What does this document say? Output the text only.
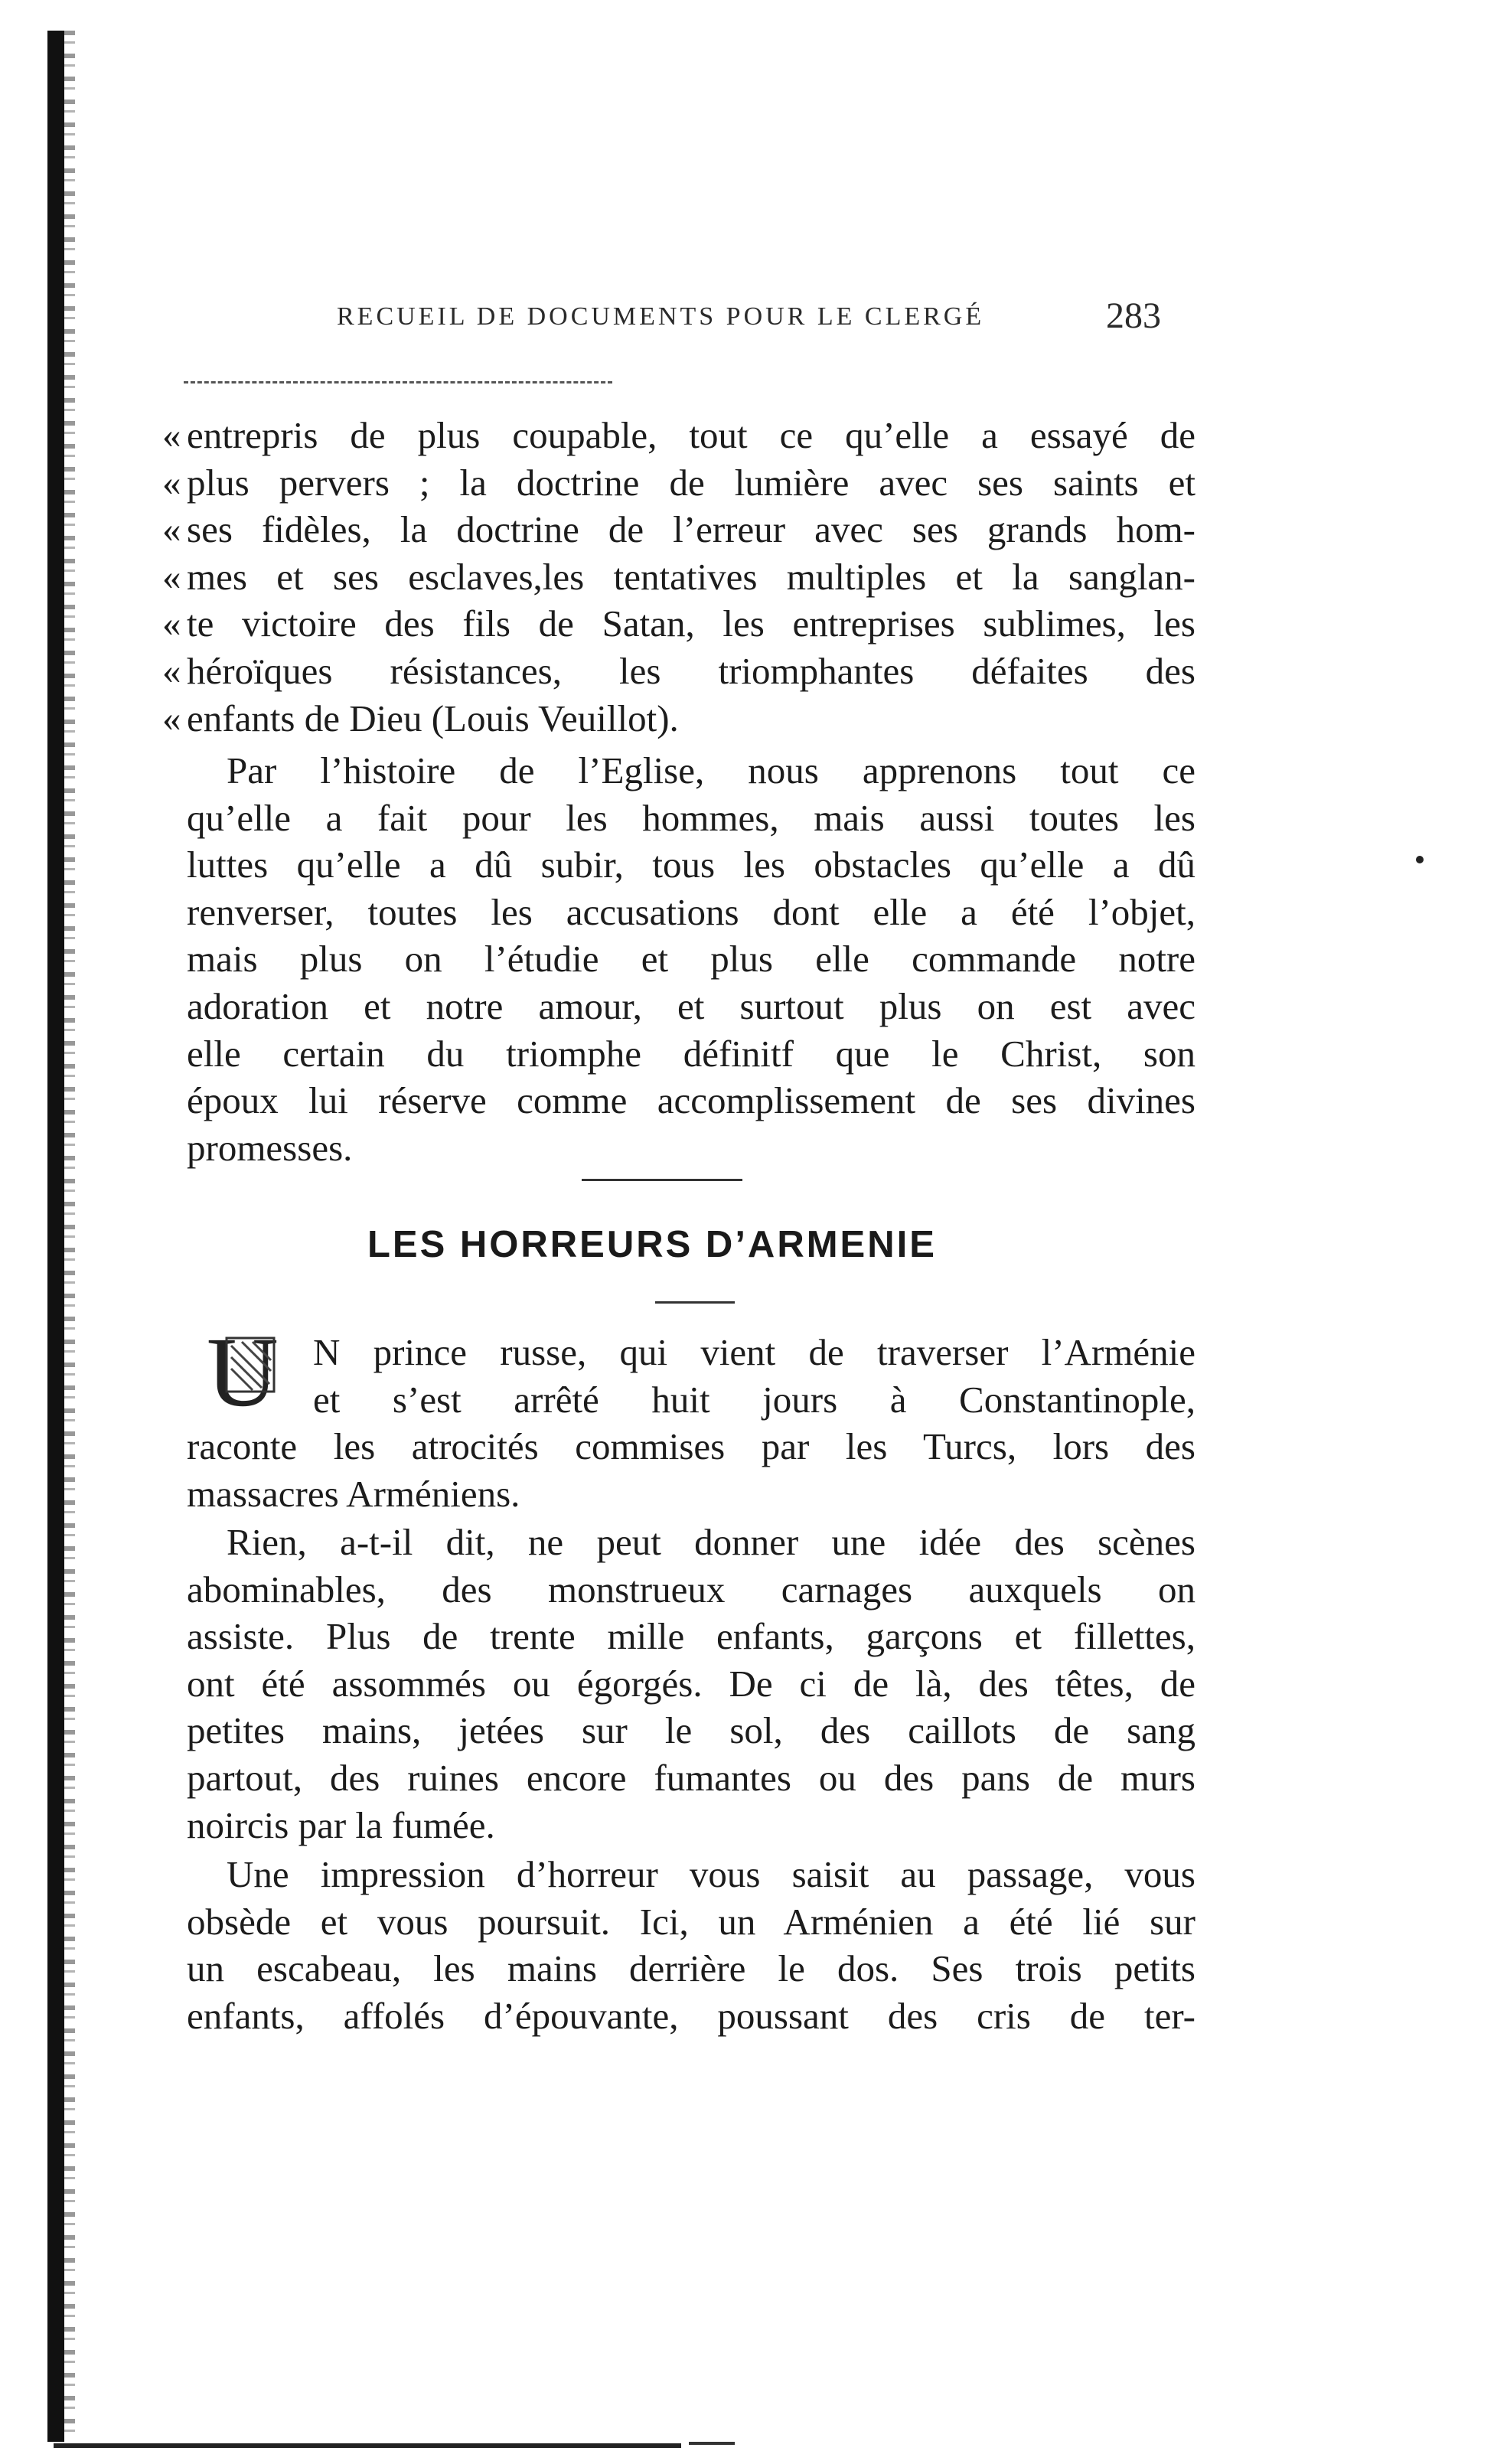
RECUEIL DE DOCUMENTS POUR LE CLERGÉ	283
« entrepris de plus coupable, tout ce qu’elle a essayé de
« plus pervers ; la doctrine de lumière avec ses saints et
« ses fidèles, la doctrine de l’erreur avec ses grands hom-
« mes et ses esclaves,les tentatives multiples et la sanglan-
« te victoire des fils de Satan, les entreprises sublimes, les
« héroïques résistances, les triomphantes défaites des
« enfants de Dieu (Louis Veuillot).
Par l’histoire de l’Eglise, nous apprenons tout ce
qu’elle a fait pour les hommes, mais aussi toutes les
luttes qu’elle a dû subir, tous les obstacles qu’elle a dû
renverser, toutes les accusations dont elle a été l’objet,
mais plus on l’étudie et plus elle commande notre
adoration et notre amour, et surtout plus on est avec
elle certain du triomphe définitf que le Christ, son
époux lui réserve comme accomplissement de ses divines
promesses.
LES HORREURS D’ARMENIE
U N prince russe, qui vient de traverser l’Arménie
et s’est arrêté huit jours à Constantinople,
raconte les atrocités commises par les Turcs, lors des
massacres Arméniens.
Rien, a-t-il dit, ne peut donner une idée des scènes
abominables, des monstrueux carnages auxquels on
assiste. Plus de trente mille enfants, garçons et fillettes,
ont été assommés ou égorgés. De ci de là, des têtes, de
petites mains, jetées sur le sol, des caillots de sang
partout, des ruines encore fumantes ou des pans de murs
noircis par la fumée.
Une impression d’horreur vous saisit au passage, vous
obsède et vous poursuit. Ici, un Arménien a été lié sur
un escabeau, les mains derrière le dos. Ses trois petits
enfants, affolés d’épouvante, poussant des cris de ter-
